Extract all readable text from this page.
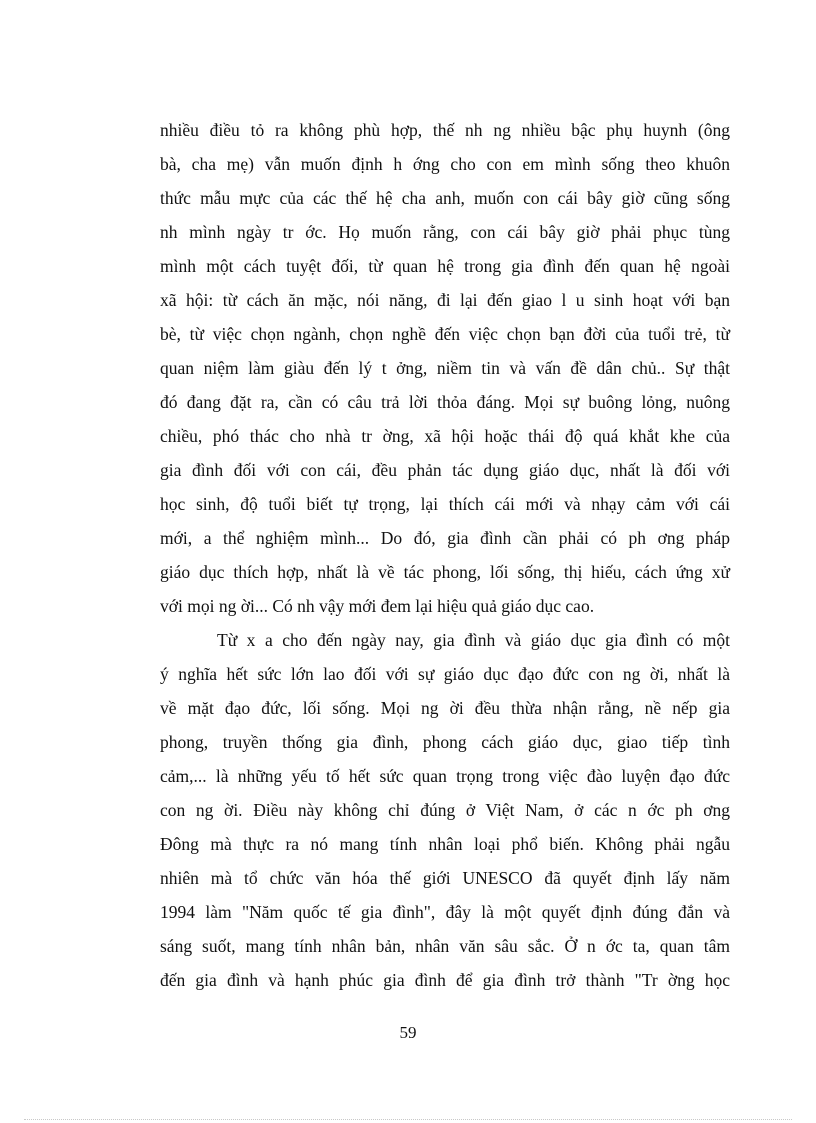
nhiều điều tỏ ra không phù hợp, thế nh ng nhiều bậc phụ huynh (ông
bà, cha mẹ) vẫn muốn định h ớng cho con em mình sống theo khuôn
thức mẫu mực của các thế hệ cha anh, muốn con cái bây giờ cũng sống
nh mình ngày tr ớc. Họ muốn rằng, con cái bây giờ phải phục tùng
mình một cách tuyệt đối, từ quan hệ trong gia đình đến quan hệ ngoài
xã hội: từ cách ăn mặc, nói năng, đi lại đến giao l u sinh hoạt với bạn
bè, từ việc chọn ngành, chọn nghề đến việc chọn bạn đời của tuổi trẻ, từ
quan niệm làm giàu đến lý t ởng, niềm tin và vấn đề dân chủ.. Sự thật
đó đang đặt ra, cần có câu trả lời thỏa đáng. Mọi sự buông lỏng, nuông
chiều, phó thác cho nhà tr ờng, xã hội hoặc thái độ quá khắt khe của
gia đình đối với con cái, đều phản tác dụng giáo dục, nhất là đối với
học sinh, độ tuổi biết tự trọng, lại thích cái mới và nhạy cảm với cái
mới, a thể nghiệm mình... Do đó, gia đình cần phải có ph ơng pháp
giáo dục thích hợp, nhất là về tác phong, lối sống, thị hiếu, cách ứng xử
với mọi ng ời... Có nh vậy mới đem lại hiệu quả giáo dục cao.
Từ x a cho đến ngày nay, gia đình và giáo dục gia đình có một
ý nghĩa hết sức lớn lao đối với sự giáo dục đạo đức con ng ời, nhất là
về mặt đạo đức, lối sống. Mọi ng ời đều thừa nhận rằng, nề nếp gia
phong, truyền thống gia đình, phong cách giáo dục, giao tiếp tình
cảm,... là những yếu tố hết sức quan trọng trong việc đào luyện đạo đức
con ng ời. Điều này không chỉ đúng ở Việt Nam, ở các n ớc ph ơng
Đông mà thực ra nó mang tính nhân loại phổ biến. Không phải ngẫu
nhiên mà tổ chức văn hóa thế giới UNESCO đã quyết định lấy năm
1994 làm "Năm quốc tế gia đình", đây là một quyết định đúng đắn và
sáng suốt, mang tính nhân bản, nhân văn sâu sắc. Ở n ớc ta, quan tâm
đến gia đình và hạnh phúc gia đình để gia đình trở thành "Tr ờng học
59
